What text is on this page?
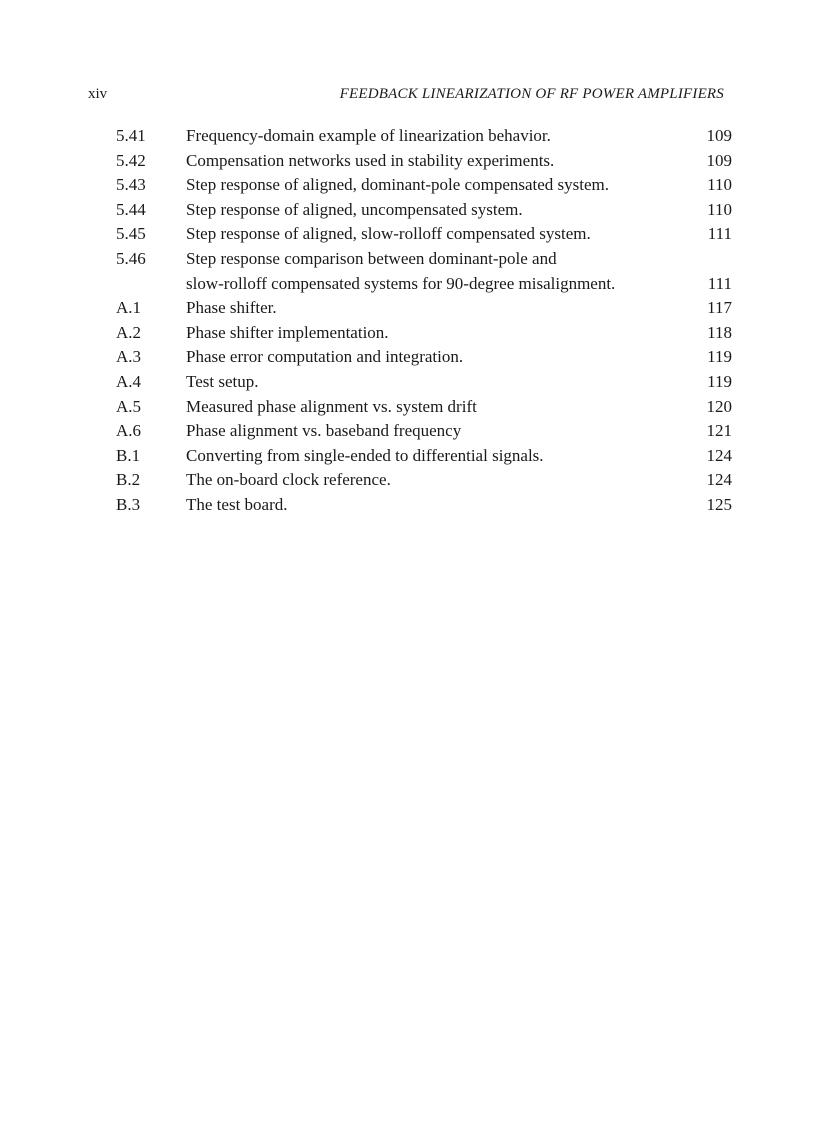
xiv	FEEDBACK LINEARIZATION OF RF POWER AMPLIFIERS
5.41	Frequency-domain example of linearization behavior.	109
5.42	Compensation networks used in stability experiments.	109
5.43	Step response of aligned, dominant-pole compensated system.	110
5.44	Step response of aligned, uncompensated system.	110
5.45	Step response of aligned, slow-rolloff compensated system.	111
5.46	Step response comparison between dominant-pole and
slow-rolloff compensated systems for 90-degree misalignment.	111
A.1	Phase shifter.	117
A.2	Phase shifter implementation.	118
A.3	Phase error computation and integration.	119
A.4	Test setup.	119
A.5	Measured phase alignment vs. system drift	120
A.6	Phase alignment vs. baseband frequency	121
B.1	Converting from single-ended to differential signals.	124
B.2	The on-board clock reference.	124
B.3	The test board.	125
